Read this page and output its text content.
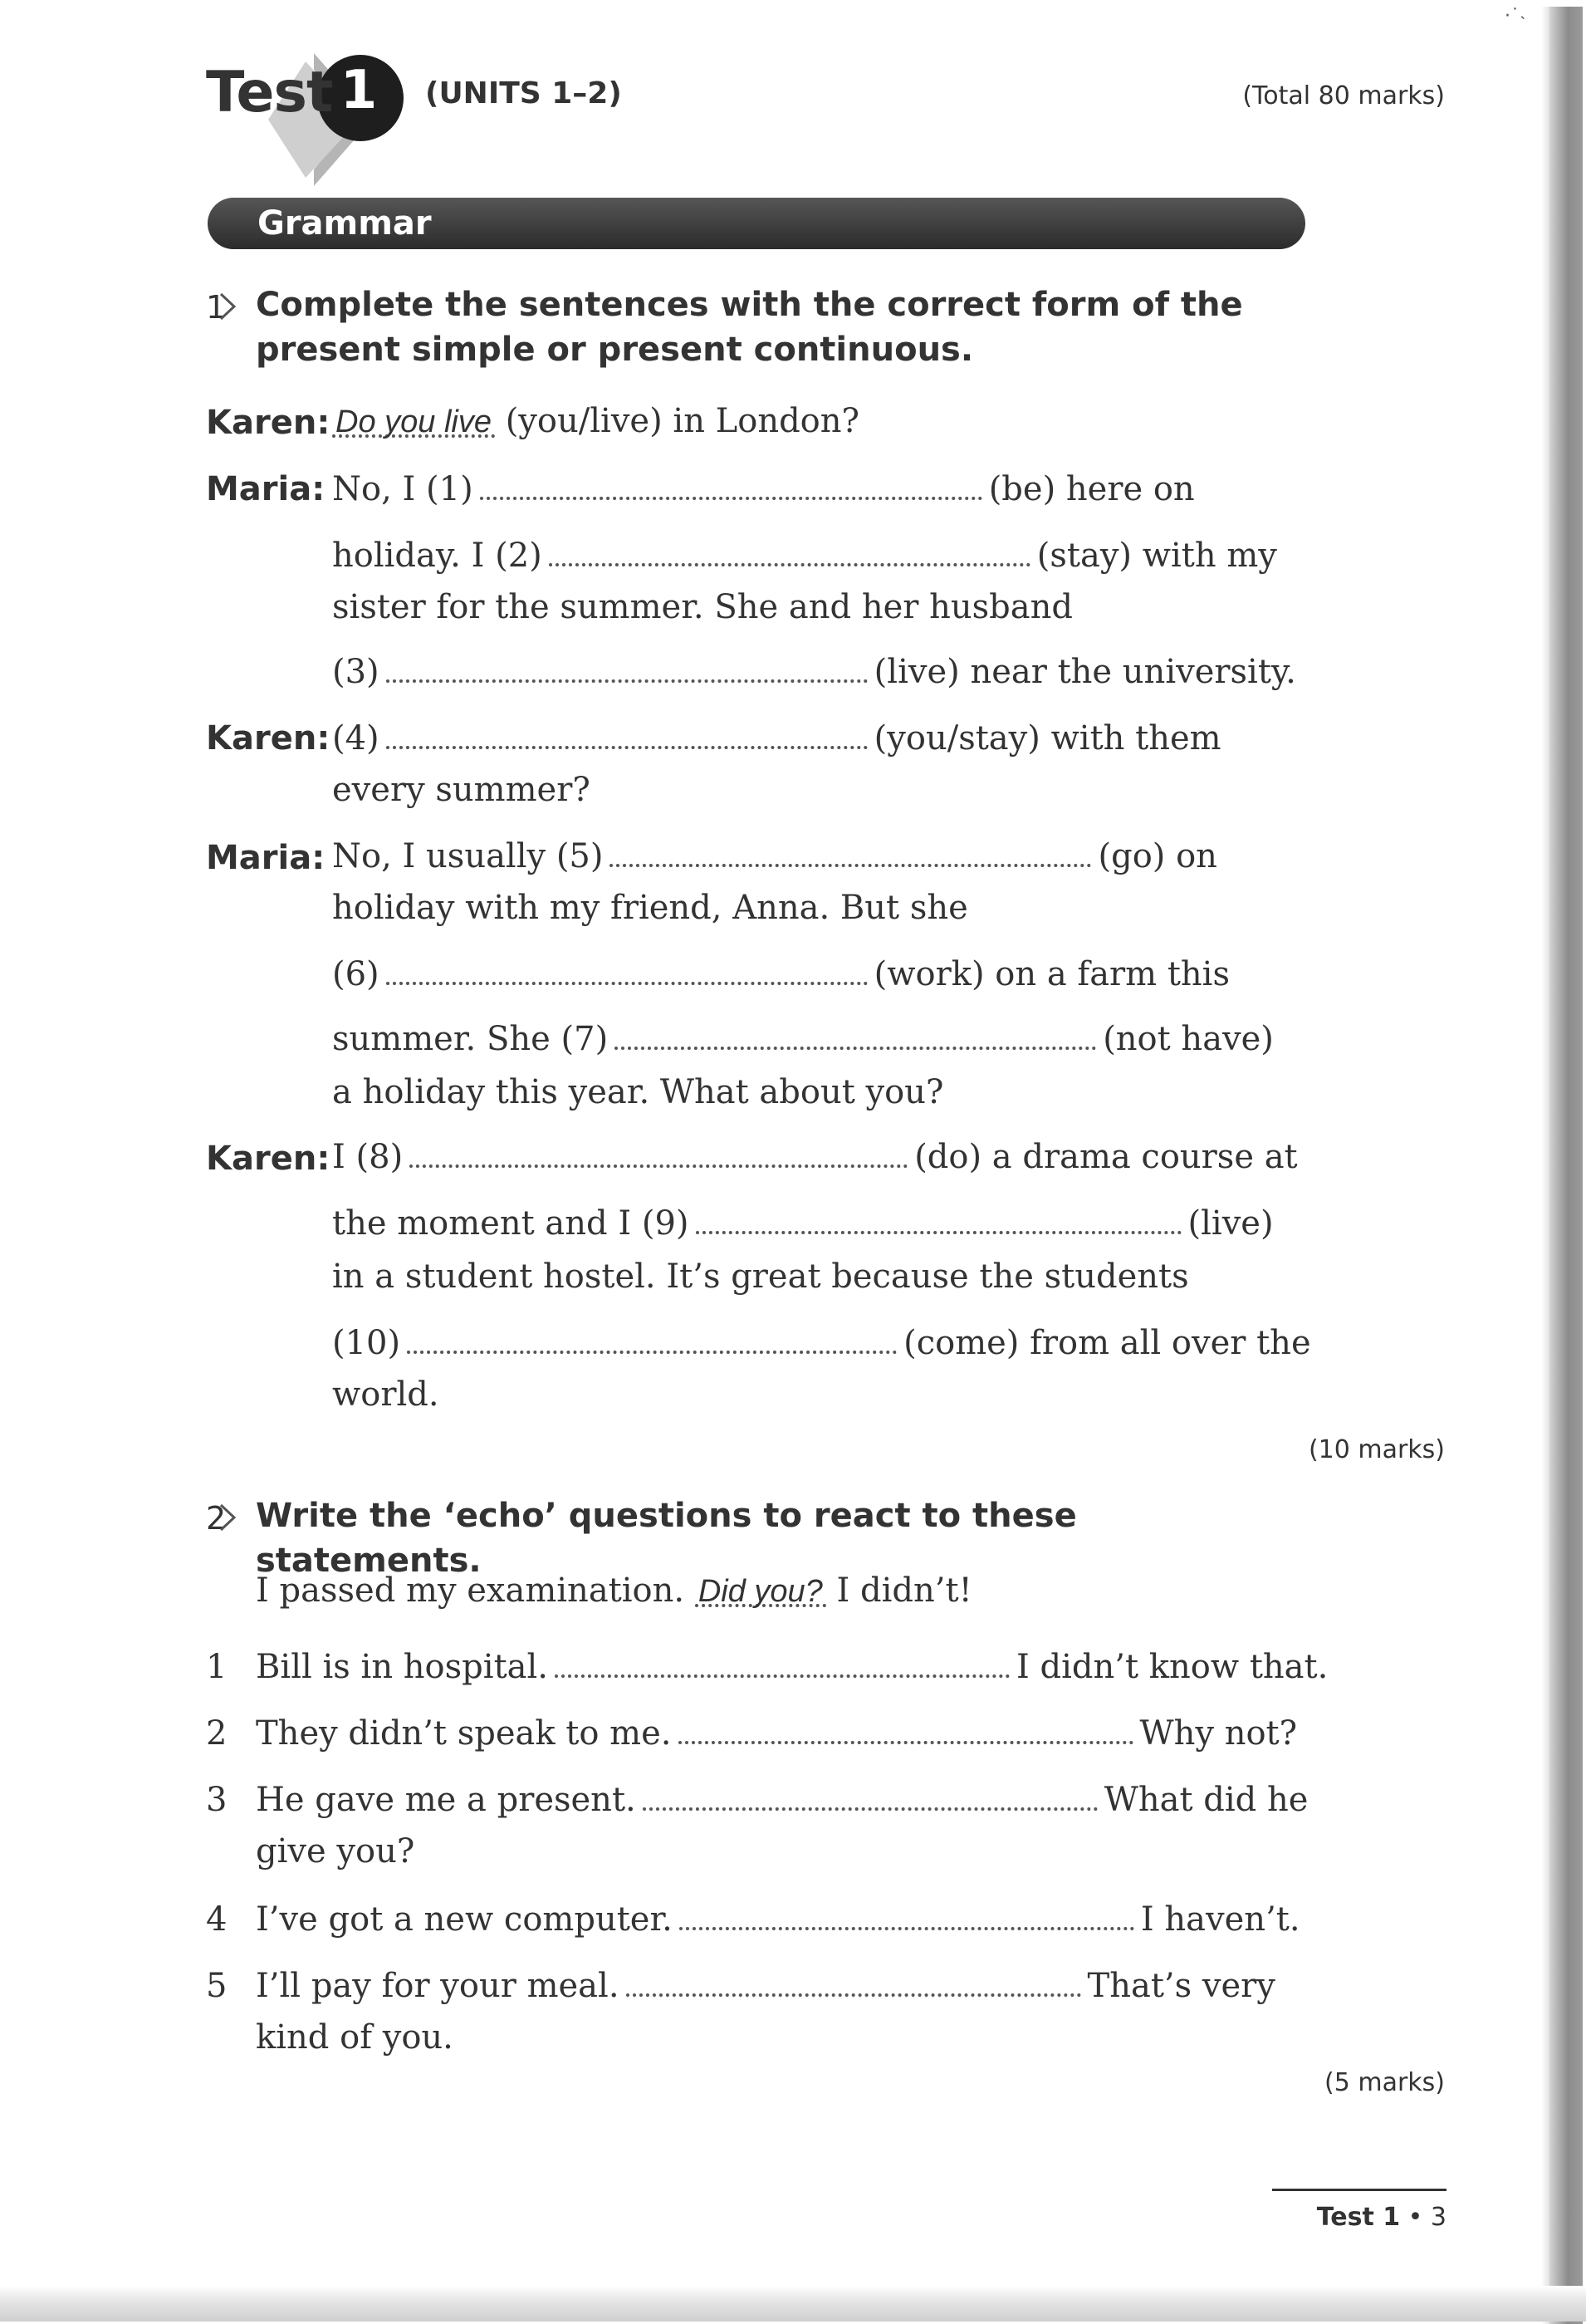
·˙˴
Test 1	(UNITS 1–2)	(Total 80 marks)
Grammar
1 Complete the sentences with the correct form of the present simple or present continuous.
Karen: Do you live (you/live) in London?
Maria: No, I (1)	(be) here on
holiday. I (2)	(stay) with my
sister for the summer. She and her husband
(3)	(live) near the university.
Karen: (4)	(you/stay) with them
every summer?
Maria: No, I usually (5)	(go) on
holiday with my friend, Anna. But she
(6)	(work) on a farm this
summer. She (7)	(not have)
a holiday this year. What about you?
Karen: I (8)	(do) a drama course at
the moment and I (9)	(live)
in a student hostel. It’s great because the students
(10)	(come) from all over the
world.
(10 marks)
2 Write the ‘echo’ questions to react to these statements.
I passed my examination. Did you? I didn’t!
1 Bill is in hospital.	I didn’t know that.
2 They didn’t speak to me.	Why not?
3 He gave me a present.	What did he
give you?
4 I’ve got a new computer.	I haven’t.
5 I’ll pay for your meal.	That’s very
kind of you.
(5 marks)
Test 1 • 3
